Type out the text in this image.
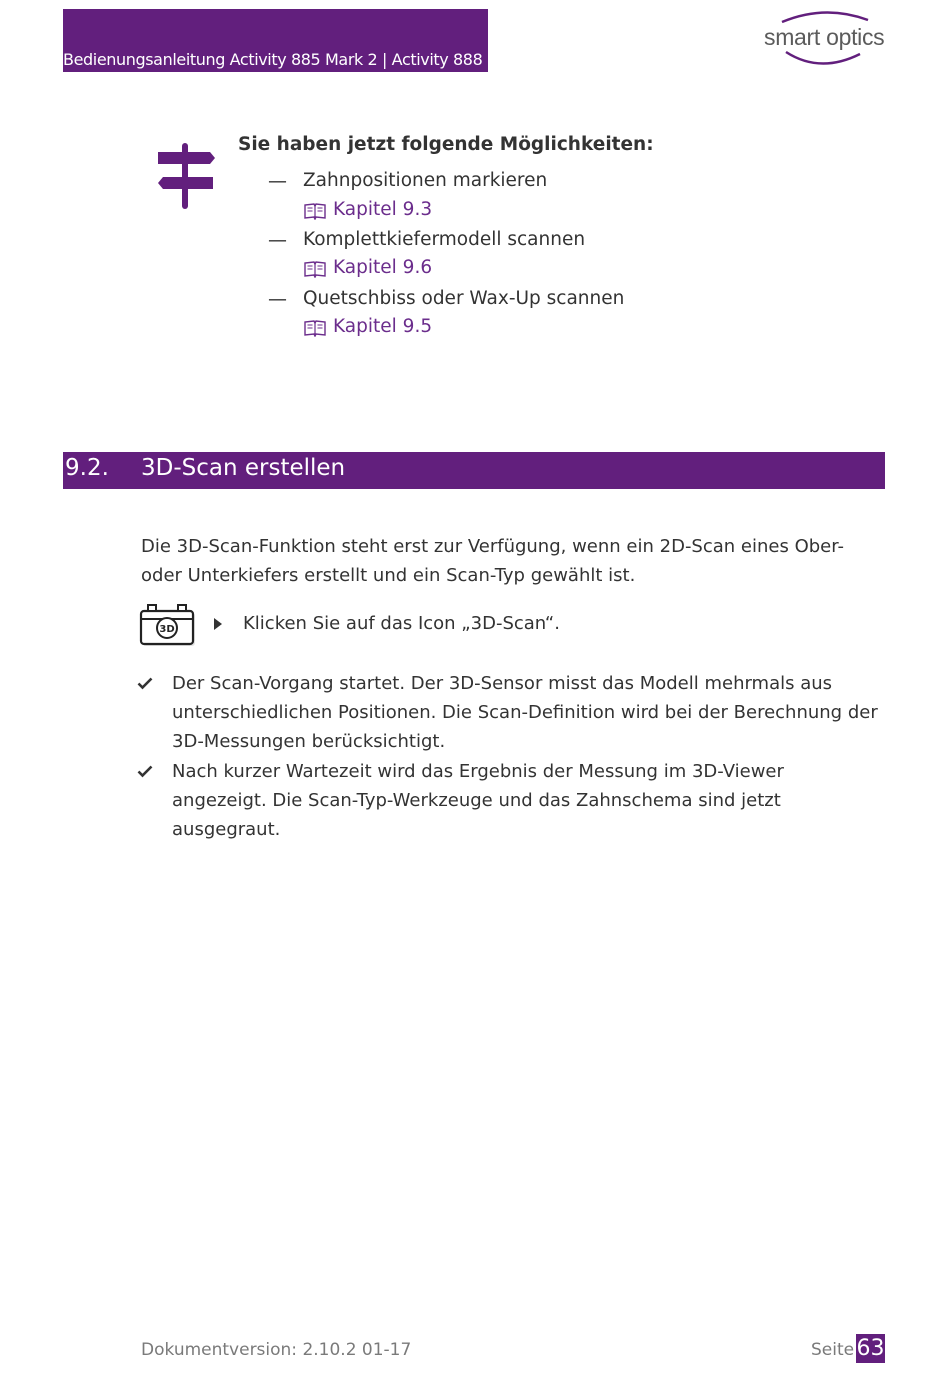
Bedienungsanleitung Activity 885 Mark 2 | Activity 888
smart optics
Sie haben jetzt folgende Möglichkeiten:
— Zahnpositionen markieren
Kapitel 9.3
— Komplettkiefermodell scannen
Kapitel 9.6
— Quetschbiss oder Wax-Up scannen
Kapitel 9.5
9.2. 3D-Scan erstellen
Die 3D-Scan-Funktion steht erst zur Verfügung, wenn ein 2D-Scan eines Ober- oder Unterkiefers erstellt und ein Scan-Typ gewählt ist.
3D	Klicken Sie auf das Icon „3D-Scan“.
Der Scan-Vorgang startet. Der 3D-Sensor misst das Modell mehrmals aus unterschiedlichen Positionen. Die Scan-Definition wird bei der Berechnung der 3D-Messungen berücksichtigt.
Nach kurzer Wartezeit wird das Ergebnis der Messung im 3D-Viewer angezeigt. Die Scan-Typ-Werkzeuge und das Zahnschema sind jetzt ausgegraut.
Dokumentversion: 2.10.2 01-17	Seite 63
